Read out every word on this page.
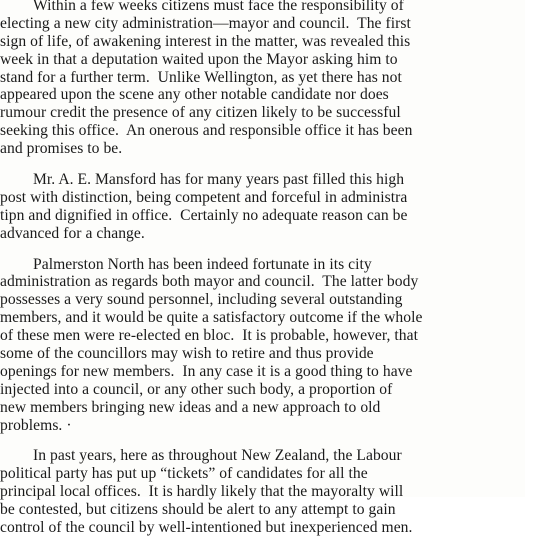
Within a few weeks citizens must face the responsibility of
electing a new city administration—mayor and council.  The first
sign of life, of awakening interest in the matter, was revealed this
week in that a deputation waited upon the Mayor asking him to
stand for a further term.  Unlike Wellington, as yet there has not
appeared upon the scene any other notable candidate nor does
rumour credit the presence of any citizen likely to be successful
seeking this office.  An onerous and responsible office it has been
and promises to be.

Mr. A. E. Mansford has for many years past filled this high
post with distinction, being competent and forceful in administra
tipn and dignified in office.  Certainly no adequate reason can be
advanced for a change.

Palmerston North has been indeed fortunate in its city
administration as regards both mayor and council.  The latter body
possesses a very sound personnel, including several outstanding
members, and it would be quite a satisfactory outcome if the whole
of these men were re-elected en bloc.  It is probable, however, that
some of the councillors may wish to retire and thus provide
openings for new members.  In any case it is a good thing to have
injected into a council, or any other such body, a proportion of
new members bringing new ideas and a new approach to old
problems. ·

In past years, here as throughout New Zealand, the Labour
political party has put up “tickets” of candidates for all the
principal local offices.  It is hardly likely that the mayoralty will
be contested, but citizens should be alert to any attempt to gain
control of the council by well-intentioned but inexperienced men.
